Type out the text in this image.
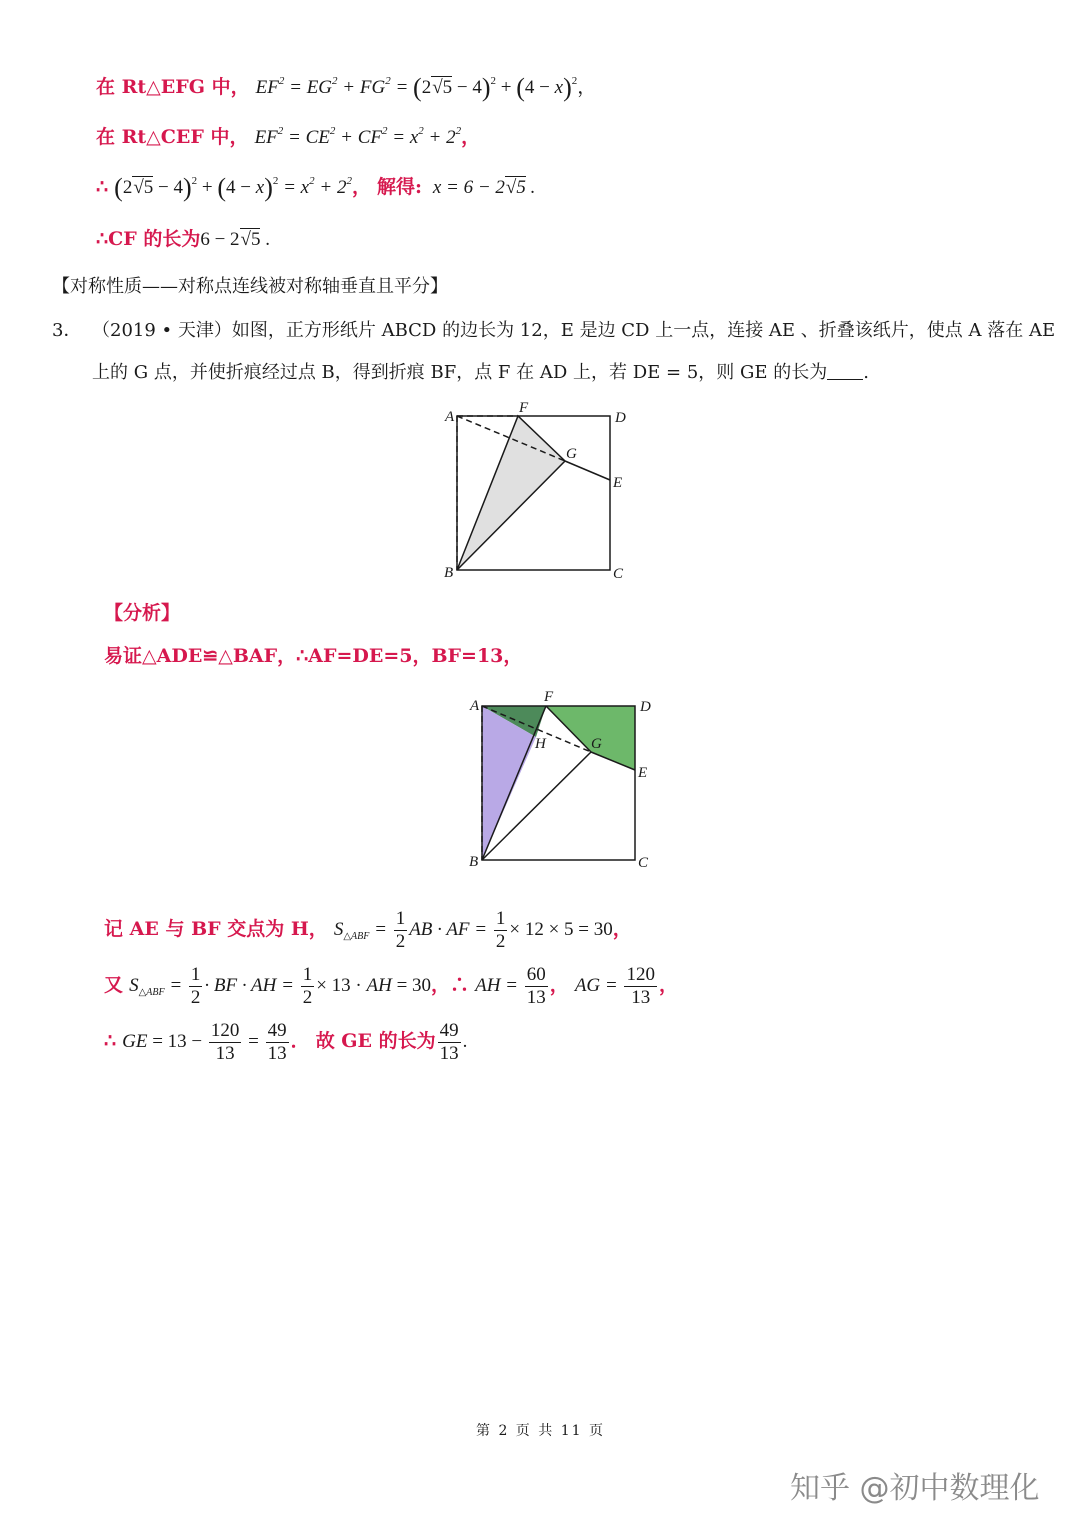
在 Rt△EFG 中， $EF^2 = EG^2 + FG^2 = (2√5 - 4)^2 + (4 - x)^2$，
在 Rt△CEF 中， $EF^2 = CE^2 + CF^2 = x^2 + 2^2$，
∴ $(2√5 - 4)^2 + (4 - x)^2 = x^2 + 2^2$， 解得:  x = 6 − 2√5 .
∴CF 的长为6 − 2√5 .
【对称性质——对称点连线被对称轴垂直且平分】
3． （2019 • 天津）如图，正方形纸片 ABCD 的边长为 12，E 是边 CD 上一点，连接 AE 、折叠该纸片，使点 A 落在 AE
上的 G 点，并使折痕经过点 B，得到折痕 BF，点 F 在 AD 上，若 DE = 5，则 GE 的长为 .
A
F
D
G
E
B	C
【分析】
易证△ADE≌△BAF，∴AF=DE=5，BF=13，
A
F
D
H	G
E
B	C
记 AE 与 BF 交点为 H， $S_{\triangle ABF} = \frac{1}{2}$ AB · AF = $\frac{1}{2} \times 12 \times 5 = 30$，
又 $S_{\triangle ABF} = \frac{1}{2}$ · BF · AH = $\frac{1}{2} \times 13$ · AH = 30，∴ AH = $\frac{60}{13}$ ， AG = $\frac{120}{13}$ ，
∴ GE = $13 - \frac{120}{13} = \frac{49}{13}$ ． 故 GE 的长为 $\frac{49}{13}$ .
第 2 页 共 11 页
知乎 @初中数理化
